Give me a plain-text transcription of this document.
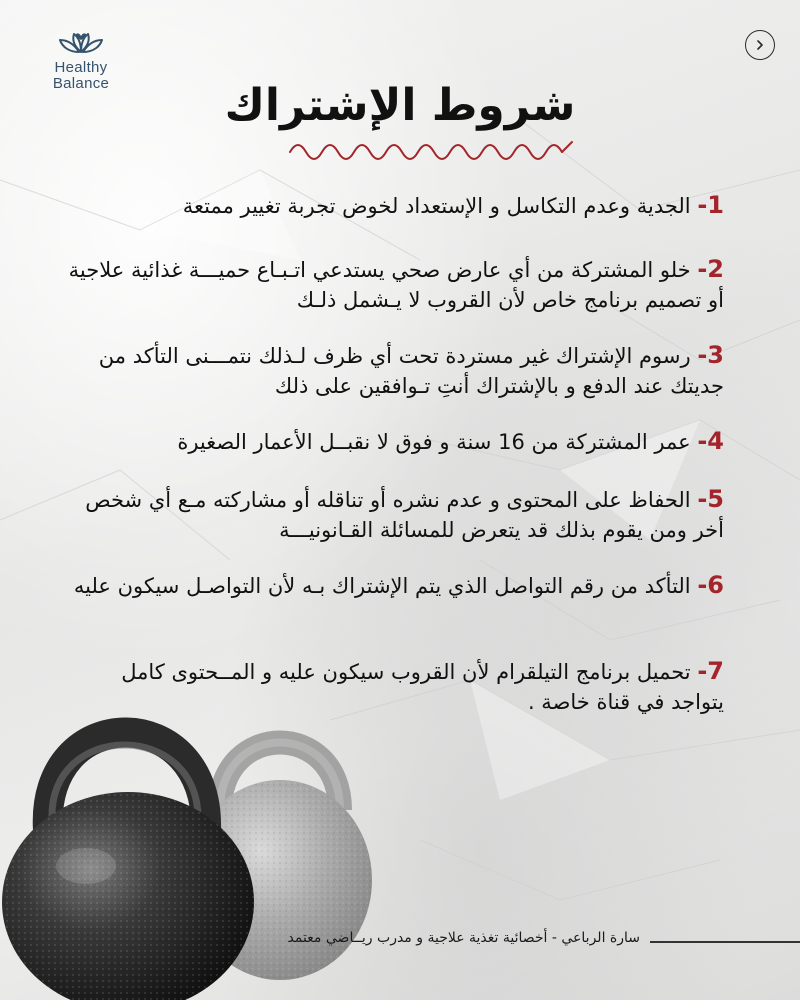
Healthy
Balance	شروط الإشتراك

1- الجدية وعدم التكاسل و الإستعداد لخوض تجربة تغيير ممتعة

2- خلو المشتركة من أي عارض صحي يستدعي اتـبـاع حميـــة غذائية علاجية أو تصميم برنامج خاص لأن القروب لا يـشمل ذلـك

3- رسوم الإشتراك غير مستردة تحت أي ظرف لـذلك نتمـــنى التأكد من جديتك عند الدفع و بالإشتراك أنتِ تـوافقين على ذلك

4- عمر المشتركة من 16 سنة و فوق لا نقبــل الأعمار الصغيرة

5- الحفاظ على المحتوى و عدم نشره أو تناقله أو مشاركته مـع أي شخص أخر ومن يقوم بذلك قد يتعرض للمسائلة القـانونيـــة

6- التأكد من رقم التواصل الذي يتم الإشتراك بـه لأن التواصـل سيكون عليه

7- تحميل برنامج التيلقرام لأن القروب سيكون عليه و المــحتوى كامل يتواجد في قناة خاصة .

سارة الرباعي - أخصائية تغذية علاجية و مدرب ريــاضي معتمد
